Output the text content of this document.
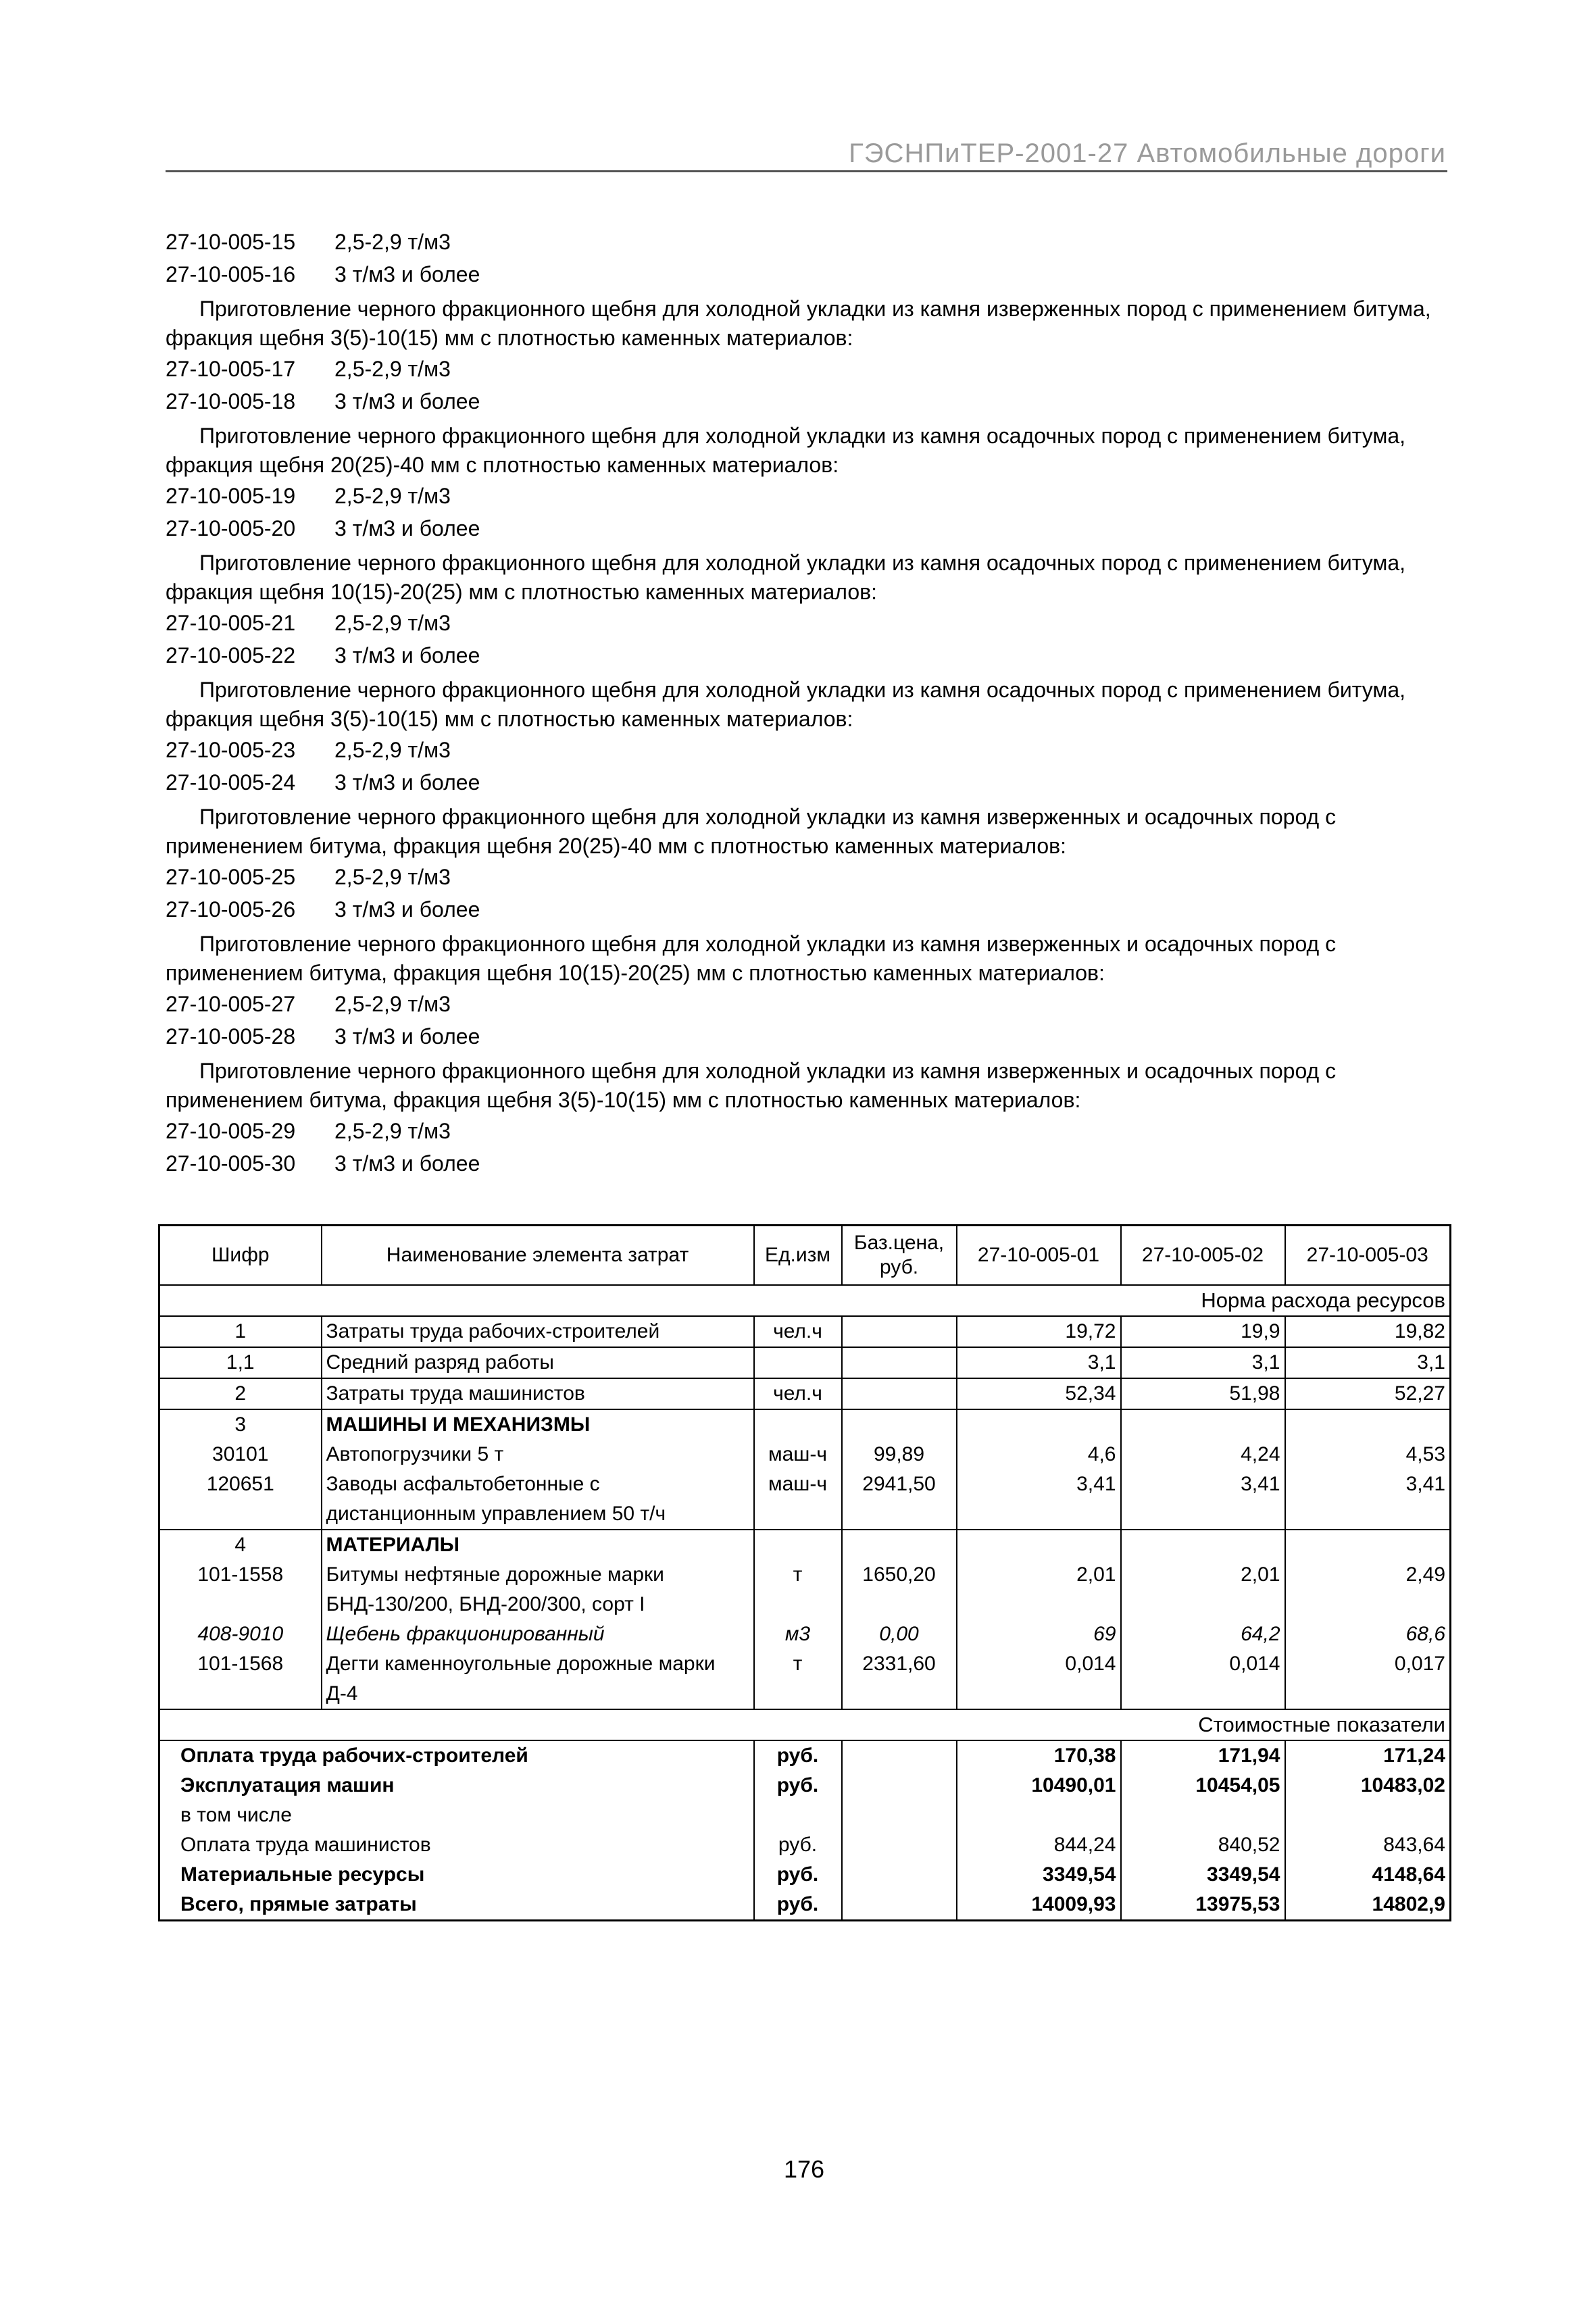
ГЭСНПиТЕР-2001-27 Автомобильные дороги
27-10-005-15 2,5-2,9 т/м3
27-10-005-16 3 т/м3 и более

Приготовление черного фракционного щебня для холодной укладки из камня изверженных пород с применением битума, фракция щебня 3(5)-10(15) мм с плотностью каменных материалов:

27-10-005-17 2,5-2,9 т/м3
27-10-005-18 3 т/м3 и более

Приготовление черного фракционного щебня для холодной укладки из камня осадочных пород с применением битума, фракция щебня 20(25)-40 мм с плотностью каменных материалов:

27-10-005-19 2,5-2,9 т/м3
27-10-005-20 3 т/м3 и более

Приготовление черного фракционного щебня для холодной укладки из камня осадочных пород с применением битума, фракция щебня 10(15)-20(25) мм с плотностью каменных материалов:

27-10-005-21 2,5-2,9 т/м3
27-10-005-22 3 т/м3 и более

Приготовление черного фракционного щебня для холодной укладки из камня осадочных пород с применением битума, фракция щебня 3(5)-10(15) мм с плотностью каменных материалов:

27-10-005-23 2,5-2,9 т/м3
27-10-005-24 3 т/м3 и более

Приготовление черного фракционного щебня для холодной укладки из камня изверженных и осадочных пород с применением битума, фракция щебня 20(25)-40 мм с плотностью каменных материалов:

27-10-005-25 2,5-2,9 т/м3
27-10-005-26 3 т/м3 и более

Приготовление черного фракционного щебня для холодной укладки из камня изверженных и осадочных пород с применением битума, фракция щебня 10(15)-20(25) мм с плотностью каменных материалов:

27-10-005-27 2,5-2,9 т/м3
27-10-005-28 3 т/м3 и более

Приготовление черного фракционного щебня для холодной укладки из камня изверженных и осадочных пород с применением битума, фракция щебня 3(5)-10(15) мм с плотностью каменных материалов:

27-10-005-29 2,5-2,9 т/м3
27-10-005-30 3 т/м3 и более
Шифр	Наименование элемента затрат	Ед.изм	Баз.цена, руб.	27-10-005-01	27-10-005-02	27-10-005-03
Норма расхода ресурсов						
1	Затраты труда рабочих-строителей	чел.ч		19,72	19,9	19,82
1,1	Средний разряд работы			3,1	3,1	3,1
2	Затраты труда машинистов	чел.ч		52,34	51,98	52,27
3	МАШИНЫ И МЕХАНИЗМЫ					
30101	Автопогрузчики 5 т	маш-ч	99,89	4,6	4,24	4,53
120651	Заводы асфальтобетонные с дистанционным управлением 50 т/ч	маш-ч	2941,50	3,41	3,41	3,41
4	МАТЕРИАЛЫ					
101-1558	Битумы нефтяные дорожные марки БНД-130/200, БНД-200/300, сорт I	т	1650,20	2,01	2,01	2,49
408-9010	Щебень фракционированный	м3	0,00	69	64,2	68,6
101-1568	Дегти каменноугольные дорожные марки Д-4	т	2331,60	0,014	0,014	0,017
Стоимостные показатели						
Оплата труда рабочих-строителей		руб.		170,38	171,94	171,24
Эксплуатация машин		руб.		10490,01	10454,05	10483,02
в том числе						
Оплата труда машинистов		руб.		844,24	840,52	843,64
Материальные ресурсы		руб.		3349,54	3349,54	4148,64
Всего, прямые затраты		руб.		14009,93	13975,53	14802,9
176
